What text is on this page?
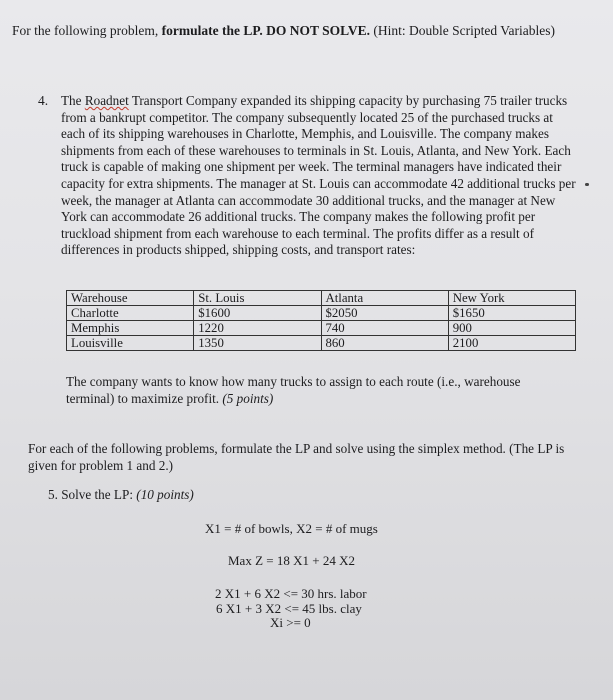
For the following problem, formulate the LP. DO NOT SOLVE. (Hint: Double Scripted Variables)

4. The Roadnet Transport Company expanded its shipping capacity by purchasing 75 trailer trucks from a bankrupt competitor. The company subsequently located 25 of the purchased trucks at each of its shipping warehouses in Charlotte, Memphis, and Louisville. The company makes shipments from each of these warehouses to terminals in St. Louis, Atlanta, and New York. Each truck is capable of making one shipment per week. The terminal managers have indicated their capacity for extra shipments. The manager at St. Louis can accommodate 42 additional trucks per week, the manager at Atlanta can accommodate 30 additional trucks, and the manager at New York can accommodate 26 additional trucks. The company makes the following profit per truckload shipment from each warehouse to each terminal. The profits differ as a result of differences in products shipped, shipping costs, and transport rates:

Warehouse	St. Louis	Atlanta	New York
Charlotte	$1600	$2050	$1650
Memphis	1220	740	900
Louisville	1350	860	2100

The company wants to know how many trucks to assign to each route (i.e., warehouse terminal) to maximize profit. (5 points)

For each of the following problems, formulate the LP and solve using the simplex method. (The LP is given for problem 1 and 2.)

5. Solve the LP: (10 points)

X1 = # of bowls, X2 = # of mugs

Max Z = 18 X1 + 24 X2

2 X1 + 6 X2 <= 30 hrs. labor

6 X1 + 3 X2 <= 45 lbs. clay

Xi >= 0
